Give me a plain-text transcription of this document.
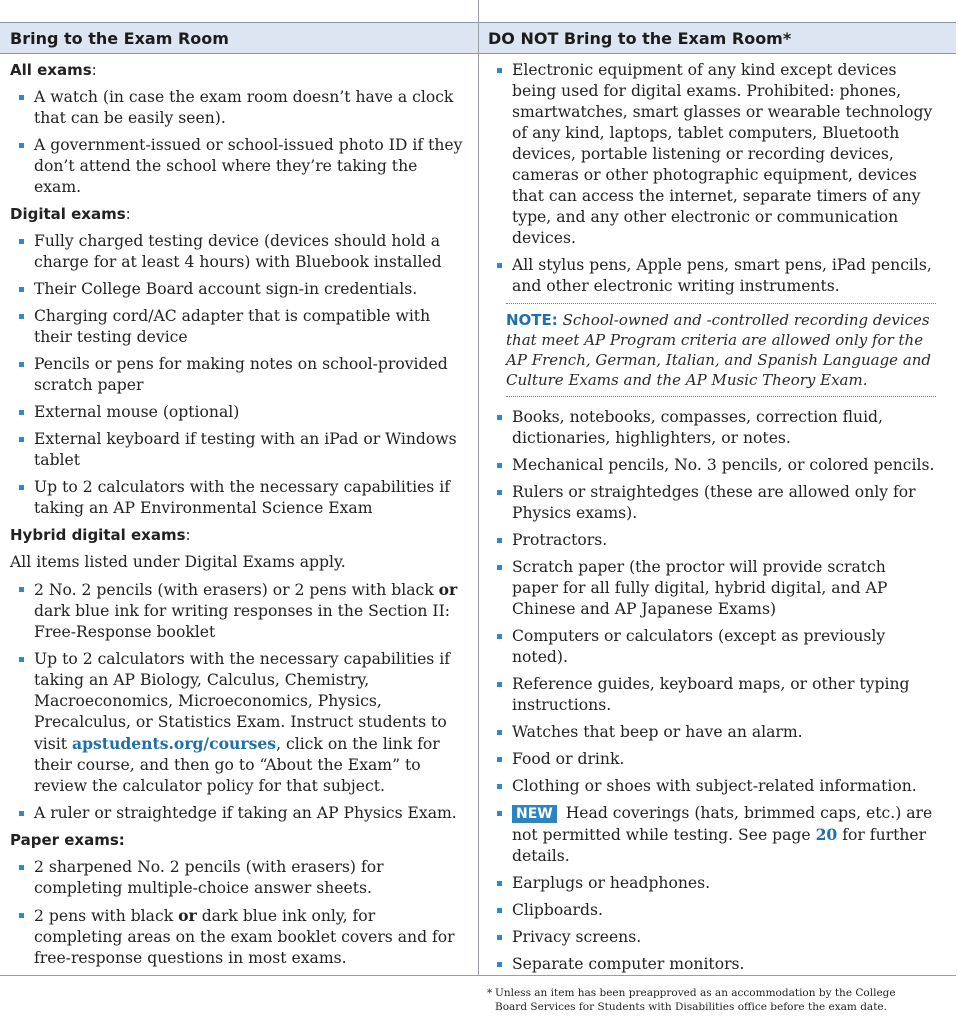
Bring to the Exam Room	DO NOT Bring to the Exam Room*

All exams:

A watch (in case the exam room doesn’t have a clock that can be easily seen).
A government-issued or school-issued photo ID if they don’t attend the school where they’re taking the exam.

Digital exams:

Fully charged testing device (devices should hold a charge for at least 4 hours) with Bluebook installed
Their College Board account sign-in credentials.
Charging cord/AC adapter that is compatible with their testing device
Pencils or pens for making notes on school-provided scratch paper
External mouse (optional)
External keyboard if testing with an iPad or Windows tablet
Up to 2 calculators with the necessary capabilities if taking an AP Environmental Science Exam

Hybrid digital exams:

All items listed under Digital Exams apply.

2 No. 2 pencils (with erasers) or 2 pens with black or dark blue ink for writing responses in the Section II: Free-Response booklet
Up to 2 calculators with the necessary capabilities if taking an AP Biology, Calculus, Chemistry, Macroeconomics, Microeconomics, Physics, Precalculus, or Statistics Exam. Instruct students to visit apstudents.org/courses, click on the link for their course, and then go to “About the Exam” to review the calculator policy for that subject.
A ruler or straightedge if taking an AP Physics Exam.

Paper exams:

2 sharpened No. 2 pencils (with erasers) for completing multiple-choice answer sheets.
2 pens with black or dark blue ink only, for completing areas on the exam booklet covers and for free-response questions in most exams.
Electronic equipment of any kind except devices being used for digital exams. Prohibited: phones, smartwatches, smart glasses or wearable technology of any kind, laptops, tablet computers, Bluetooth devices, portable listening or recording devices, cameras or other photographic equipment, devices that can access the internet, separate timers of any type, and any other electronic or communication devices.
All stylus pens, Apple pens, smart pens, iPad pencils, and other electronic writing instruments.
NOTE: School-owned and -controlled recording devices that meet AP Program criteria are allowed only for the AP French, German, Italian, and Spanish Language and Culture Exams and the AP Music Theory Exam.
Books, notebooks, compasses, correction fluid, dictionaries, highlighters, or notes.
Mechanical pencils, No. 3 pencils, or colored pencils.
Rulers or straightedges (these are allowed only for Physics exams).
Protractors.
Scratch paper (the proctor will provide scratch paper for all fully digital, hybrid digital, and AP Chinese and AP Japanese Exams)
Computers or calculators (except as previously noted).
Reference guides, keyboard maps, or other typing instructions.
Watches that beep or have an alarm.
Food or drink.
Clothing or shoes with subject-related information.
NEW Head coverings (hats, brimmed caps, etc.) are not permitted while testing. See page 20 for further details.
Earplugs or headphones.
Clipboards.
Privacy screens.
Separate computer monitors.
* Unless an item has been preapproved as an accommodation by the College
Board Services for Students with Disabilities office before the exam date.
